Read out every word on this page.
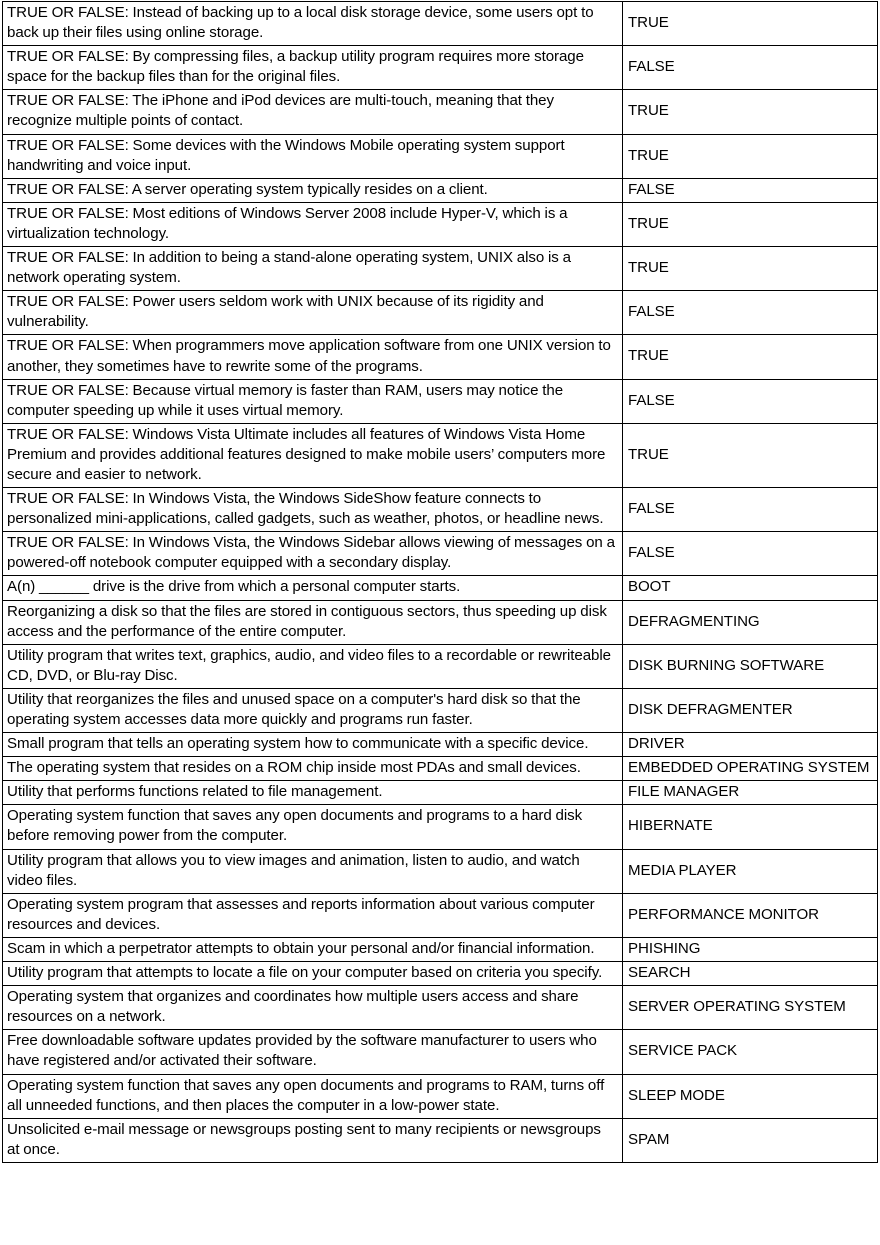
TRUE OR FALSE: Instead of backing up to a local disk storage device, some users opt to back up their files using online storage.	TRUE
TRUE OR FALSE: By compressing files, a backup utility program requires more storage space for the backup files than for the original files.	FALSE
TRUE OR FALSE: The iPhone and iPod devices are multi-touch, meaning that they recognize multiple points of contact.	TRUE
TRUE OR FALSE: Some devices with the Windows Mobile operating system support handwriting and voice input.	TRUE
TRUE OR FALSE: A server operating system typically resides on a client.	FALSE
TRUE OR FALSE: Most editions of Windows Server 2008 include Hyper-V, which is a virtualization technology.	TRUE
TRUE OR FALSE: In addition to being a stand-alone operating system, UNIX also is a network operating system.	TRUE
TRUE OR FALSE: Power users seldom work with UNIX because of its rigidity and vulnerability.	FALSE
TRUE OR FALSE: When programmers move application software from one UNIX version to another, they sometimes have to rewrite some of the programs.	TRUE
TRUE OR FALSE: Because virtual memory is faster than RAM, users may notice the computer speeding up while it uses virtual memory.	FALSE
TRUE OR FALSE: Windows Vista Ultimate includes all features of Windows Vista Home Premium and provides additional features designed to make mobile users’ computers more secure and easier to network.	TRUE
TRUE OR FALSE: In Windows Vista, the Windows SideShow feature connects to personalized mini-applications, called gadgets, such as weather, photos, or headline news.	FALSE
TRUE OR FALSE: In Windows Vista, the Windows Sidebar allows viewing of messages on a powered-off notebook computer equipped with a secondary display.	FALSE
A(n) ______ drive is the drive from which a personal computer starts.	BOOT
Reorganizing a disk so that the files are stored in contiguous sectors, thus speeding up disk access and the performance of the entire computer.	DEFRAGMENTING
Utility program that writes text, graphics, audio, and video files to a recordable or rewriteable CD, DVD, or Blu-ray Disc.	DISK BURNING SOFTWARE
Utility that reorganizes the files and unused space on a computer's hard disk so that the operating system accesses data more quickly and programs run faster.	DISK DEFRAGMENTER
Small program that tells an operating system how to communicate with a specific device.	DRIVER
The operating system that resides on a ROM chip inside most PDAs and small devices.	EMBEDDED OPERATING SYSTEM
Utility that performs functions related to file management.	FILE MANAGER
Operating system function that saves any open documents and programs to a hard disk before removing power from the computer.	HIBERNATE
Utility program that allows you to view images and animation, listen to audio, and watch video files.	MEDIA PLAYER
Operating system program that assesses and reports information about various computer resources and devices.	PERFORMANCE MONITOR
Scam in which a perpetrator attempts to obtain your personal and/or financial information.	PHISHING
Utility program that attempts to locate a file on your computer based on criteria you specify.	SEARCH
Operating system that organizes and coordinates how multiple users access and share resources on a network.	SERVER OPERATING SYSTEM
Free downloadable software updates provided by the software manufacturer to users who have registered and/or activated their software.	SERVICE PACK
Operating system function that saves any open documents and programs to RAM, turns off all unneeded functions, and then places the computer in a low-power state.	SLEEP MODE
Unsolicited e-mail message or newsgroups posting sent to many recipients or newsgroups at once.	SPAM
